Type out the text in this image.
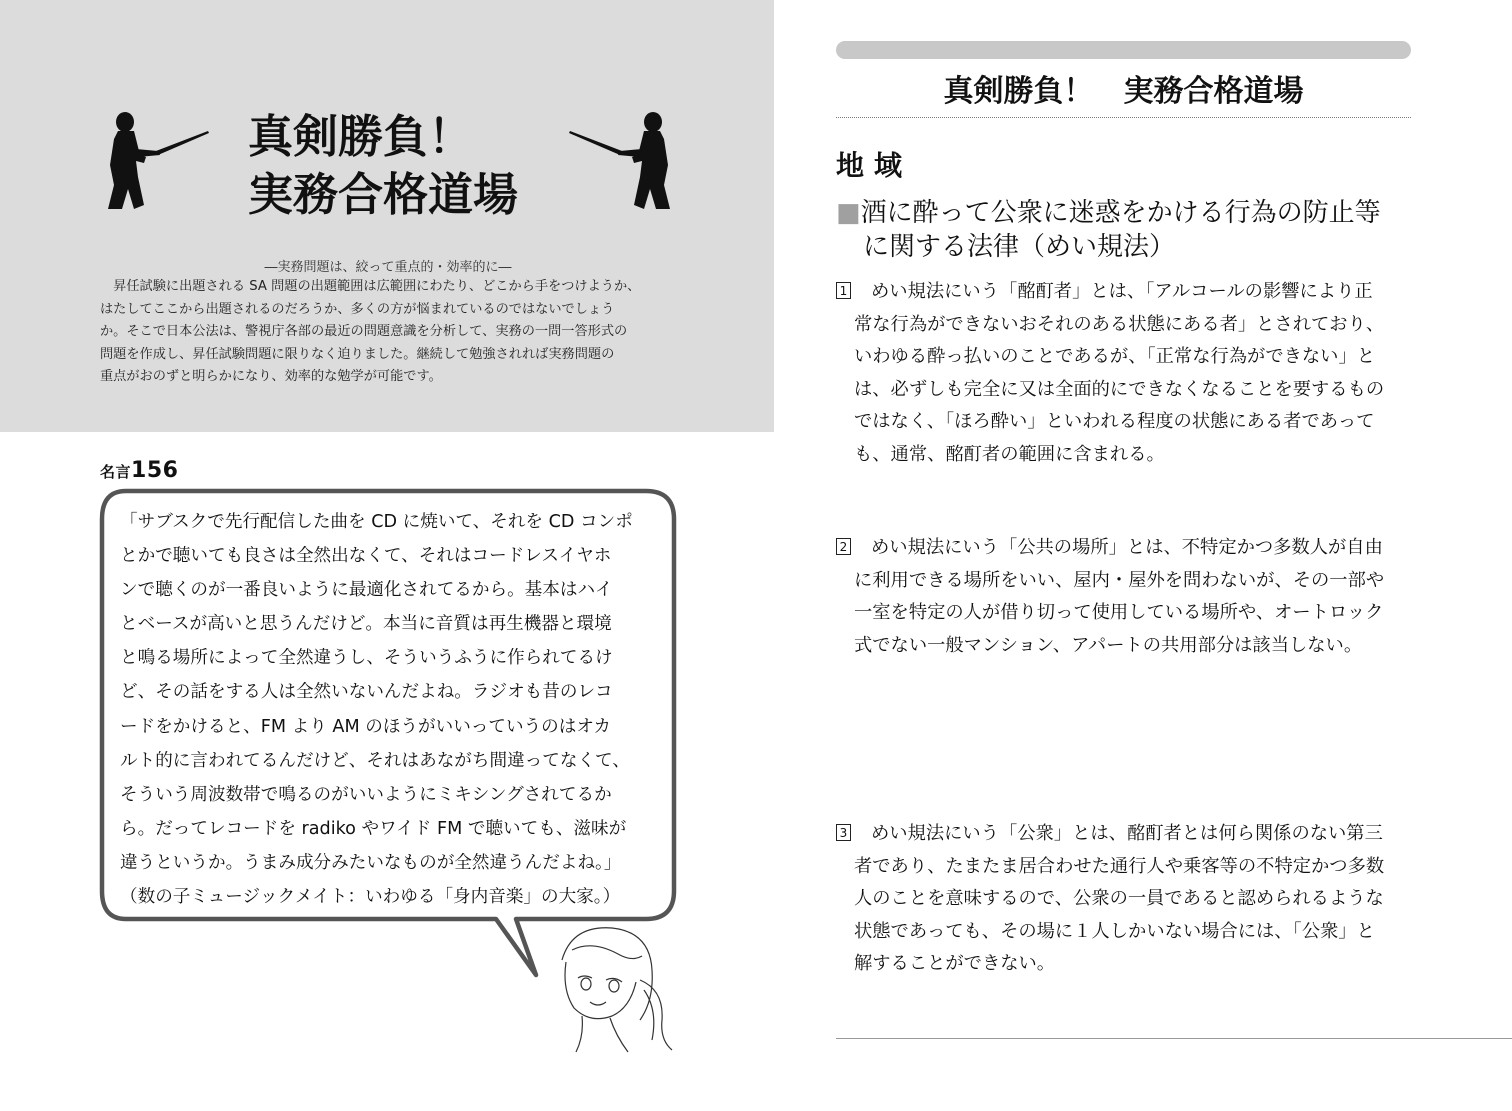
真剣勝負！
実務合格道場
―実務問題は、絞って重点的・効率的に―
　昇任試験に出題される SA 問題の出題範囲は広範囲にわたり、どこから手をつけようか、
はたしてここから出題されるのだろうか、多くの方が悩まれているのではないでしょう
か。そこで日本公法は、警視庁各部の最近の問題意識を分析して、実務の一問一答形式の
問題を作成し、昇任試験問題に限りなく迫りました。継続して勉強されれば実務問題の
重点がおのずと明らかになり、効率的な勉学が可能です。
名言156
「サブスクで先行配信した曲を CD に焼いて、それを CD コンポ
とかで聴いても良さは全然出なくて、それはコードレスイヤホ
ンで聴くのが一番良いように最適化されてるから。基本はハイ
とベースが高いと思うんだけど。本当に音質は再生機器と環境
と鳴る場所によって全然違うし、そういうふうに作られてるけ
ど、その話をする人は全然いないんだよね。ラジオも昔のレコ
ードをかけると、FM より AM のほうがいいっていうのはオカ
ルト的に言われてるんだけど、それはあながち間違ってなくて、
そういう周波数帯で鳴るのがいいようにミキシングされてるか
ら。だってレコードを radiko やワイド FM で聴いても、滋味が
違うというか。うまみ成分みたいなものが全然違うんだよね。」
（数の子ミュージックメイト：いわゆる「身内音楽」の大家。）
真剣勝負！　実務合格道場
地域
■酒に酔って公衆に迷惑をかける行為の防止等
に関する法律（めい規法）
1 めい規法にいう「酩酊者」とは、「アルコールの影響により正
常な行為ができないおそれのある状態にある者」とされており、
いわゆる酔っ払いのことであるが、「正常な行為ができない」と
は、必ずしも完全に又は全面的にできなくなることを要するもの
ではなく、「ほろ酔い」といわれる程度の状態にある者であって
も、通常、酩酊者の範囲に含まれる。
2 めい規法にいう「公共の場所」とは、不特定かつ多数人が自由
に利用できる場所をいい、屋内・屋外を問わないが、その一部や
一室を特定の人が借り切って使用している場所や、オートロック
式でない一般マンション、アパートの共用部分は該当しない。
3 めい規法にいう「公衆」とは、酩酊者とは何ら関係のない第三
者であり、たまたま居合わせた通行人や乗客等の不特定かつ多数
人のことを意味するので、公衆の一員であると認められるような
状態であっても、その場に１人しかいない場合には、「公衆」と
解することができない。
